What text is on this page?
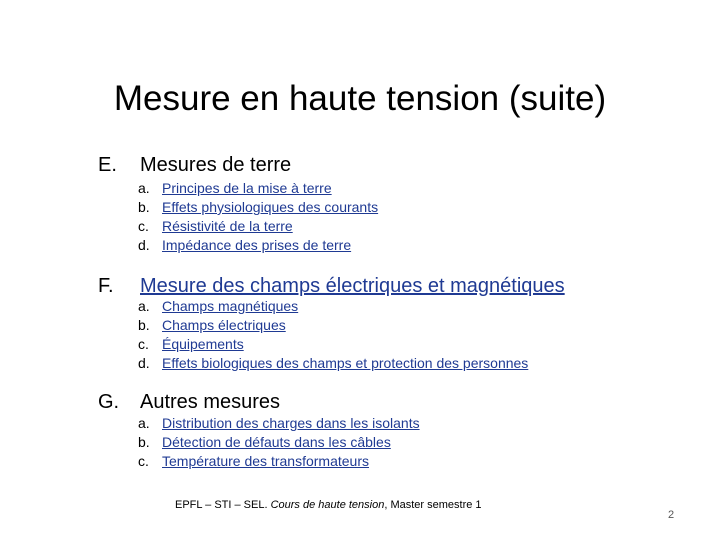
Mesure en haute tension (suite)
E. Mesures de terre
a. Principes de la mise à terre
b. Effets physiologiques des courants
c. Résistivité de la terre
d. Impédance des prises de terre
F. Mesure des champs électriques et magnétiques
a. Champs magnétiques
b. Champs électriques
c. Équipements
d. Effets biologiques des champs et protection des personnes
G. Autres mesures
a. Distribution des charges dans les isolants
b. Détection de défauts dans les câbles
c. Température des transformateurs
EPFL – STI – SEL. Cours de haute tension, Master semestre 1
2
